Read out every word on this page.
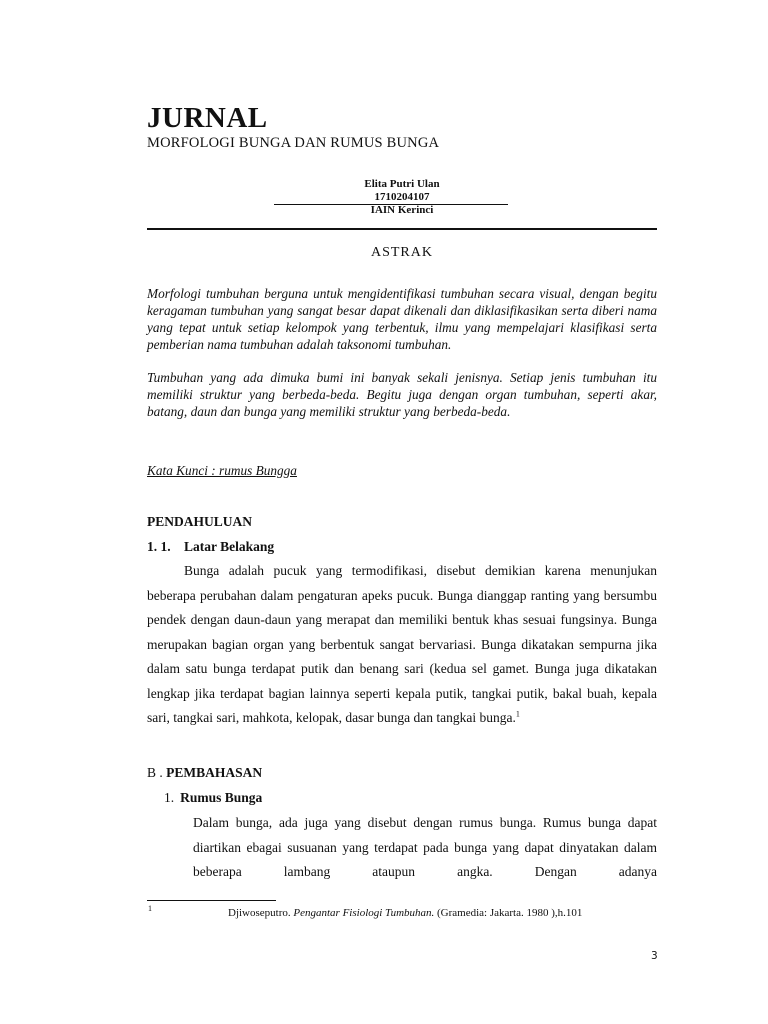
JURNAL
MORFOLOGI BUNGA DAN RUMUS BUNGA
Elita Putri Ulan
1710204107
IAIN Kerinci
ASTRAK

Morfologi tumbuhan berguna untuk mengidentifikasi tumbuhan secara visual, dengan begitu keragaman tumbuhan yang sangat besar dapat dikenali dan diklasifikasikan serta diberi nama yang tepat untuk setiap kelompok yang terbentuk, ilmu yang mempelajari klasifikasi serta pemberian nama tumbuhan adalah taksonomi tumbuhan.

Tumbuhan yang ada dimuka bumi ini banyak sekali jenisnya. Setiap jenis tumbuhan itu memiliki struktur yang berbeda-beda. Begitu juga dengan organ tumbuhan, seperti akar, batang, daun dan bunga yang memiliki struktur yang berbeda-beda.

Kata Kunci : rumus Bungga
PENDAHULUAN
1. 1. Latar Belakang

Bunga adalah pucuk yang termodifikasi, disebut demikian karena menunjukan beberapa perubahan dalam pengaturan apeks pucuk. Bunga dianggap ranting yang bersumbu pendek dengan daun-daun yang merapat dan memiliki bentuk khas sesuai fungsinya. Bunga merupakan bagian organ yang berbentuk sangat bervariasi. Bunga dikatakan sempurna jika dalam satu bunga terdapat putik dan benang sari (kedua sel gamet. Bunga juga dikatakan lengkap jika terdapat bagian lainnya seperti kepala putik, tangkai putik, bakal buah, kepala sari, tangkai sari, mahkota, kelopak, dasar bunga dan tangkai bunga.$^1$

B . PEMBAHASAN
1. Rumus Bunga

Dalam bunga, ada juga yang disebut dengan rumus bunga. Rumus bunga dapat diartikan ebagai susuanan yang terdapat pada bunga yang dapat dinyatakan dalam beberapa lambang ataupun angka. Dengan adanya

1	Djiwoseputro. Pengantar Fisiologi Tumbuhan. (Gramedia: Jakarta. 1980 ),h.101
3
